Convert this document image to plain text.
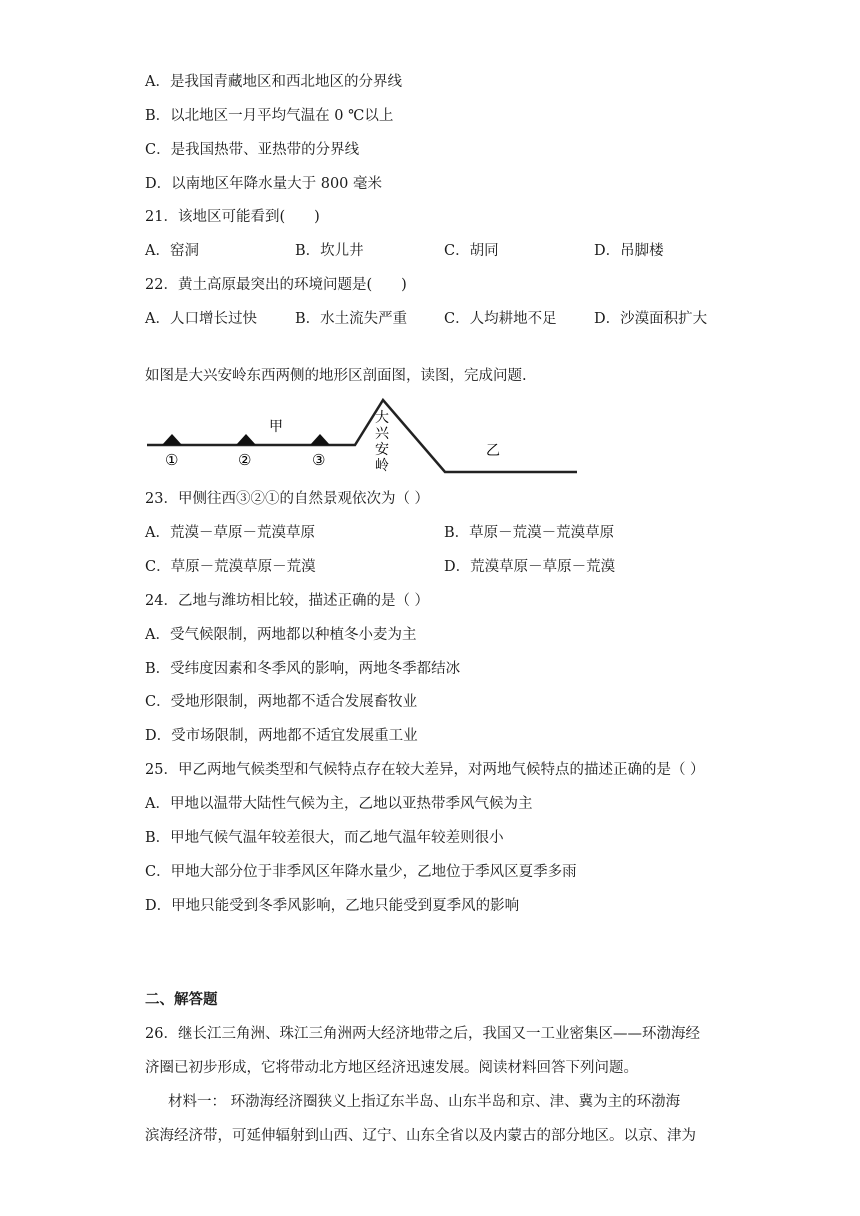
A．是我国青藏地区和西北地区的分界线
B．以北地区一月平均气温在 0 ℃以上
C．是我国热带、亚热带的分界线
D．以南地区年降水量大于 800 毫米
21．该地区可能看到(　　)
A．窑洞	B．坎儿井	C．胡同	D．吊脚楼
22．黄土高原最突出的环境问题是(　　)
A．人口增长过快	B．水土流失严重	C．人均耕地不足	D．沙漠面积扩大
如图是大兴安岭东西两侧的地形区剖面图，读图，完成问题.
①	②	③
甲
乙
大
兴
安
岭
23．甲侧往西③②①的自然景观依次为（ ）
A．荒漠－草原－荒漠草原	B．草原－荒漠－荒漠草原
C．草原－荒漠草原－荒漠	D．荒漠草原－草原－荒漠
24．乙地与潍坊相比较，描述正确的是（ ）
A．受气候限制，两地都以种植冬小麦为主
B．受纬度因素和冬季风的影响，两地冬季都结冰
C．受地形限制，两地都不适合发展畜牧业
D．受市场限制，两地都不适宜发展重工业
25．甲乙两地气候类型和气候特点存在较大差异，对两地气候特点的描述正确的是（ ）
A．甲地以温带大陆性气候为主，乙地以亚热带季风气候为主
B．甲地气候气温年较差很大，而乙地气温年较差则很小
C．甲地大部分位于非季风区年降水量少，乙地位于季风区夏季多雨
D．甲地只能受到冬季风影响，乙地只能受到夏季风的影响
二、解答题
26．继长江三角洲、珠江三角洲两大经济地带之后，我国又一工业密集区——环渤海经
济圈已初步形成，它将带动北方地区经济迅速发展。阅读材料回答下列问题。
材料一： 环渤海经济圈狭义上指辽东半岛、山东半岛和京、津、冀为主的环渤海
滨海经济带，可延伸辐射到山西、辽宁、山东全省以及内蒙古的部分地区。以京、津为
